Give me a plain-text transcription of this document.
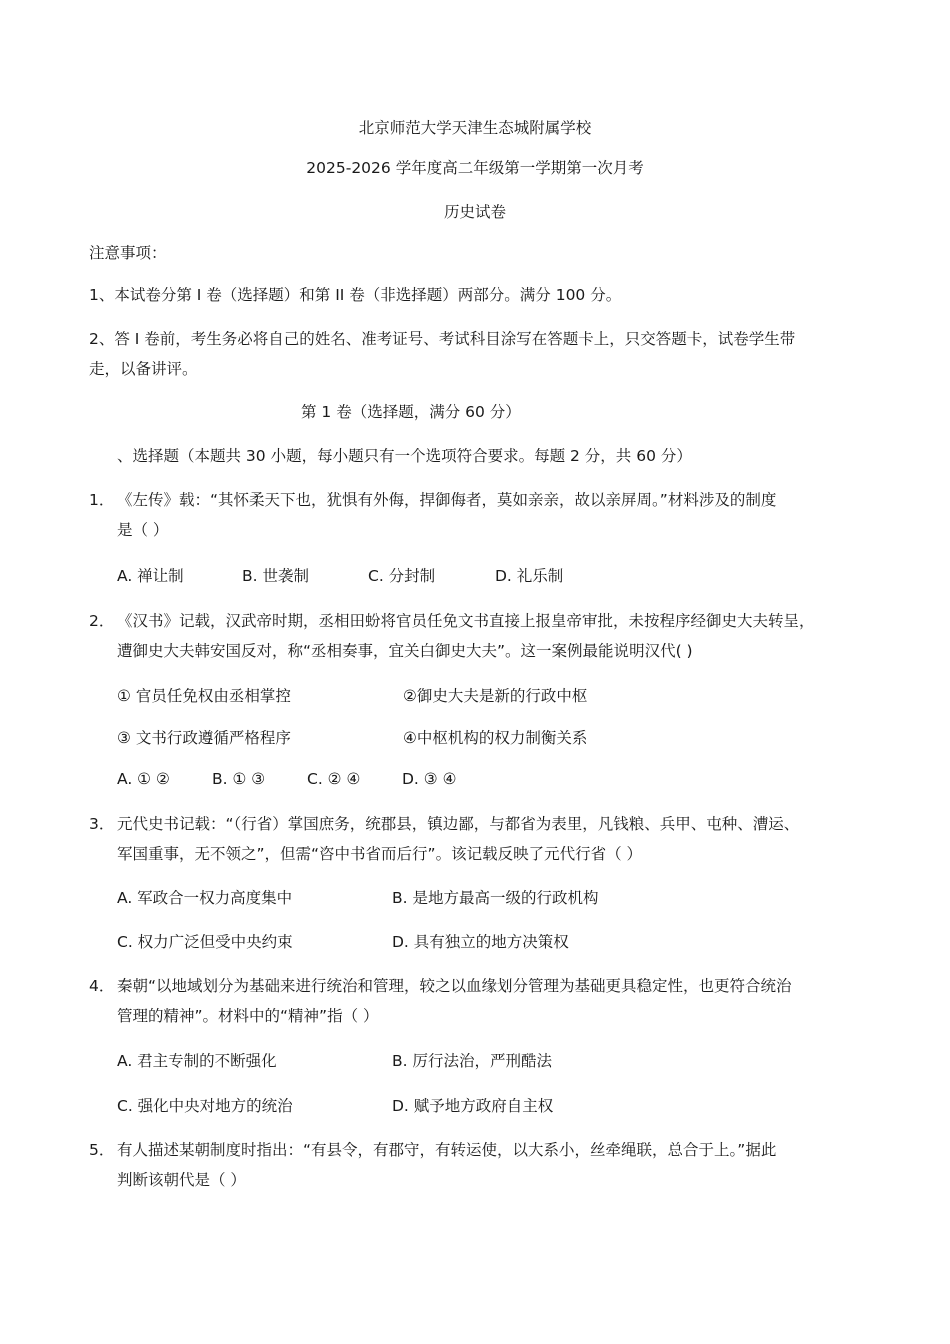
北京师范大学天津生态城附属学校
2025-2026 学年度高二年级第一学期第一次月考
历史试卷
注意事项：
1、本试卷分第 I 卷（选择题）和第 II 卷（非选择题）两部分。满分 100 分。
2、答 I 卷前，考生务必将自己的姓名、准考证号、考试科目涂写在答题卡上，只交答题卡，试卷学生带
走，以备讲评。
第 1 卷（选择题，满分 60 分）
、选择题（本题共 30 小题，每小题只有一个选项符合要求。每题 2 分，共 60 分）
1． 《左传》载：“其怀柔天下也，犹惧有外侮，捍御侮者，莫如亲亲，故以亲屏周。”材料涉及的制度
是（ ）
A. 禅让制	B. 世袭制	C. 分封制	D. 礼乐制
2． 《汉书》记载，汉武帝时期，丞相田蚡将官员任免文书直接上报皇帝审批，未按程序经御史大夫转呈，
遭御史大夫韩安国反对，称“丞相奏事，宜关白御史大夫”。这一案例最能说明汉代( )
① 官员任免权由丞相掌控	②御史大夫是新的行政中枢
③ 文书行政遵循严格程序	④中枢机构的权力制衡关系
A. ① ②	B. ① ③	C. ② ④	D. ③ ④
3． 元代史书记载：“（行省）掌国庶务，统郡县，镇边鄙，与都省为表里，凡钱粮、兵甲、屯种、漕运、
军国重事，无不领之”，但需“咨中书省而后行”。该记载反映了元代行省（ ）
A. 军政合一权力高度集中	B. 是地方最高一级的行政机构
C. 权力广泛但受中央约束	D. 具有独立的地方决策权
4． 秦朝“以地域划分为基础来进行统治和管理，较之以血缘划分管理为基础更具稳定性，也更符合统治
管理的精神”。材料中的“精神”指（ ）
A. 君主专制的不断强化	B. 厉行法治，严刑酷法
C. 强化中央对地方的统治	D. 赋予地方政府自主权
5． 有人描述某朝制度时指出：“有县令，有郡守，有转运使，以大系小，丝牵绳联，总合于上。”据此
判断该朝代是（ ）
